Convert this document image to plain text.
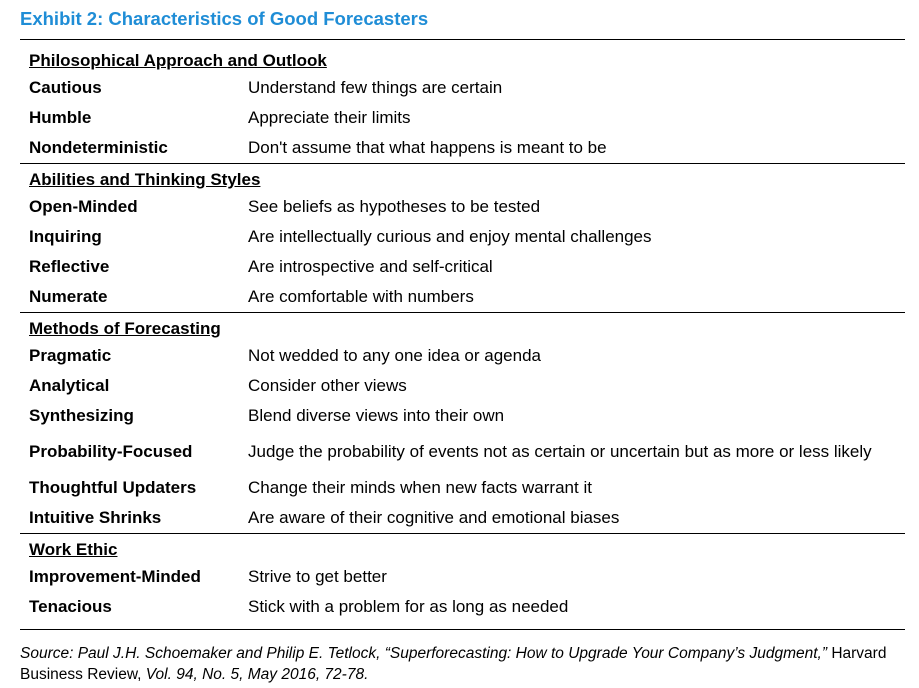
Exhibit 2: Characteristics of Good Forecasters
Philosophical Approach and Outlook
Cautious	Understand few things are certain
Humble	Appreciate their limits
Nondeterministic	Don't assume that what happens is meant to be
Abilities and Thinking Styles
Open-Minded	See beliefs as hypotheses to be tested
Inquiring	Are intellectually curious and enjoy mental challenges
Reflective	Are introspective and self-critical
Numerate	Are comfortable with numbers
Methods of Forecasting
Pragmatic	Not wedded to any one idea or agenda
Analytical	Consider other views
Synthesizing	Blend diverse views into their own
Probability-Focused	Judge the probability of events not as certain or uncertain but as more or less likely
Thoughtful Updaters	Change their minds when new facts warrant it
Intuitive Shrinks	Are aware of their cognitive and emotional biases
Work Ethic
Improvement-Minded	Strive to get better
Tenacious	Stick with a problem for as long as needed
Source: Paul J.H. Schoemaker and Philip E. Tetlock, “Superforecasting: How to Upgrade Your Company’s Judgment,” Harvard Business Review, Vol. 94, No. 5, May 2016, 72-78.
